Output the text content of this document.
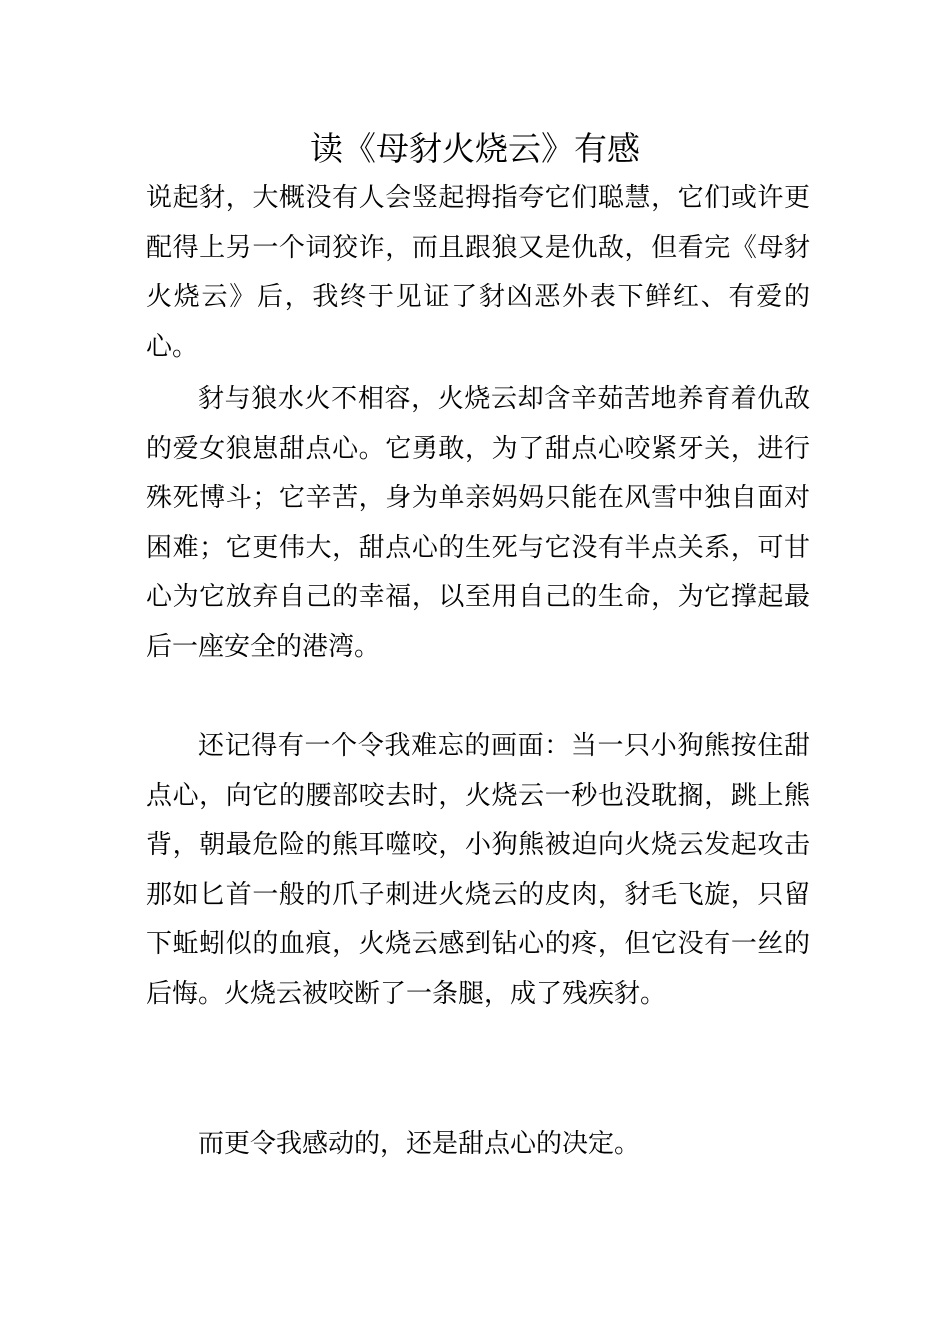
读《母豺火烧云》有感

说起豺，大概没有人会竖起拇指夸它们聪慧，它们或许更配得上另一个词狡诈，而且跟狼又是仇敌，但看完《母豺火烧云》后，我终于见证了豺凶恶外表下鲜红、有爱的心。

豺与狼水火不相容，火烧云却含辛茹苦地养育着仇敌的爱女狼崽甜点心。它勇敢，为了甜点心咬紧牙关，进行殊死博斗；它辛苦，身为单亲妈妈只能在风雪中独自面对困难；它更伟大，甜点心的生死与它没有半点关系，可甘心为它放弃自己的幸福，以至用自己的生命，为它撑起最后一座安全的港湾。

还记得有一个令我难忘的画面：当一只小狗熊按住甜点心，向它的腰部咬去时，火烧云一秒也没耽搁，跳上熊背，朝最危险的熊耳噬咬，小狗熊被迫向火烧云发起攻击那如匕首一般的爪子刺进火烧云的皮肉，豺毛飞旋，只留下蚯蚓似的血痕，火烧云感到钻心的疼，但它没有一丝的后悔。火烧云被咬断了一条腿，成了残疾豺。

而更令我感动的，还是甜点心的决定。
